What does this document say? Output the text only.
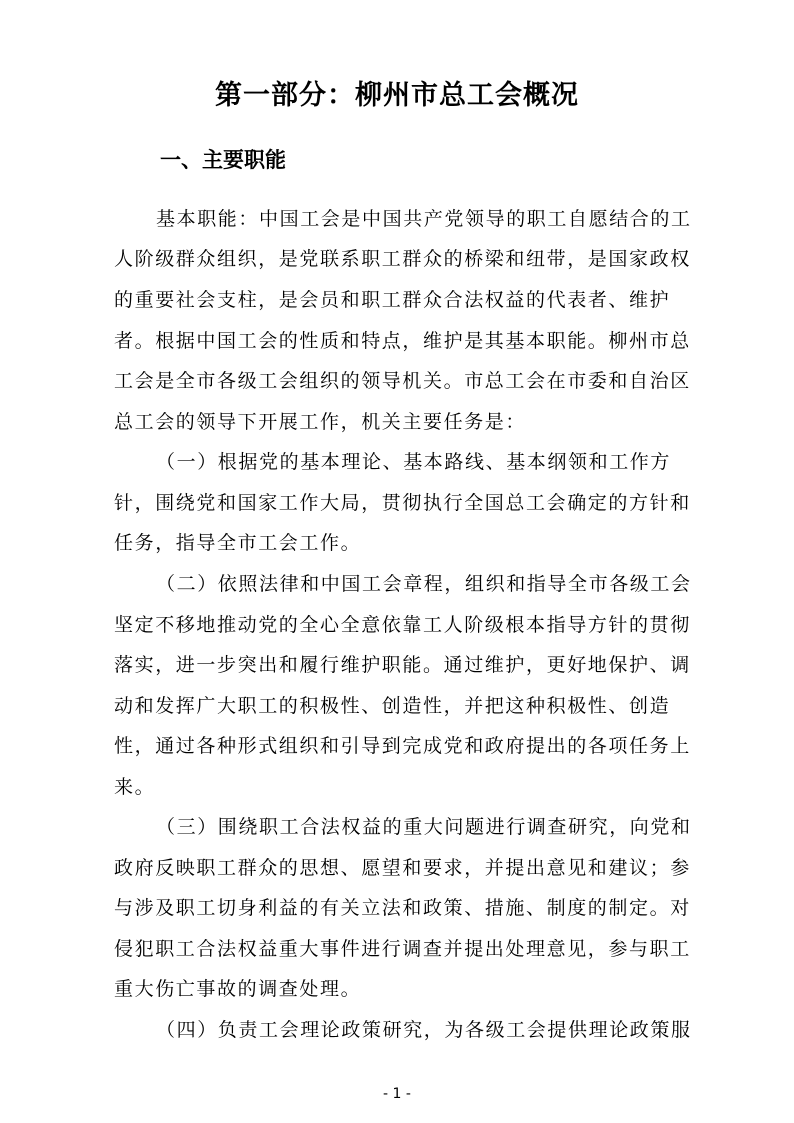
第一部分：柳州市总工会概况
一、主要职能
基本职能：中国工会是中国共产党领导的职工自愿结合的工
人阶级群众组织，是党联系职工群众的桥梁和纽带，是国家政权
的重要社会支柱，是会员和职工群众合法权益的代表者、维护
者。根据中国工会的性质和特点，维护是其基本职能。柳州市总
工会是全市各级工会组织的领导机关。市总工会在市委和自治区
总工会的领导下开展工作，机关主要任务是：
（一）根据党的基本理论、基本路线、基本纲领和工作方
针，围绕党和国家工作大局，贯彻执行全国总工会确定的方针和
任务，指导全市工会工作。
（二）依照法律和中国工会章程，组织和指导全市各级工会
坚定不移地推动党的全心全意依靠工人阶级根本指导方针的贯彻
落实，进一步突出和履行维护职能。通过维护，更好地保护、调
动和发挥广大职工的积极性、创造性，并把这种积极性、创造
性，通过各种形式组织和引导到完成党和政府提出的各项任务上
来。
（三）围绕职工合法权益的重大问题进行调查研究，向党和
政府反映职工群众的思想、愿望和要求，并提出意见和建议；参
与涉及职工切身利益的有关立法和政策、措施、制度的制定。对
侵犯职工合法权益重大事件进行调查并提出处理意见，参与职工
重大伤亡事故的调查处理。
（四）负责工会理论政策研究，为各级工会提供理论政策服
- 1 -
